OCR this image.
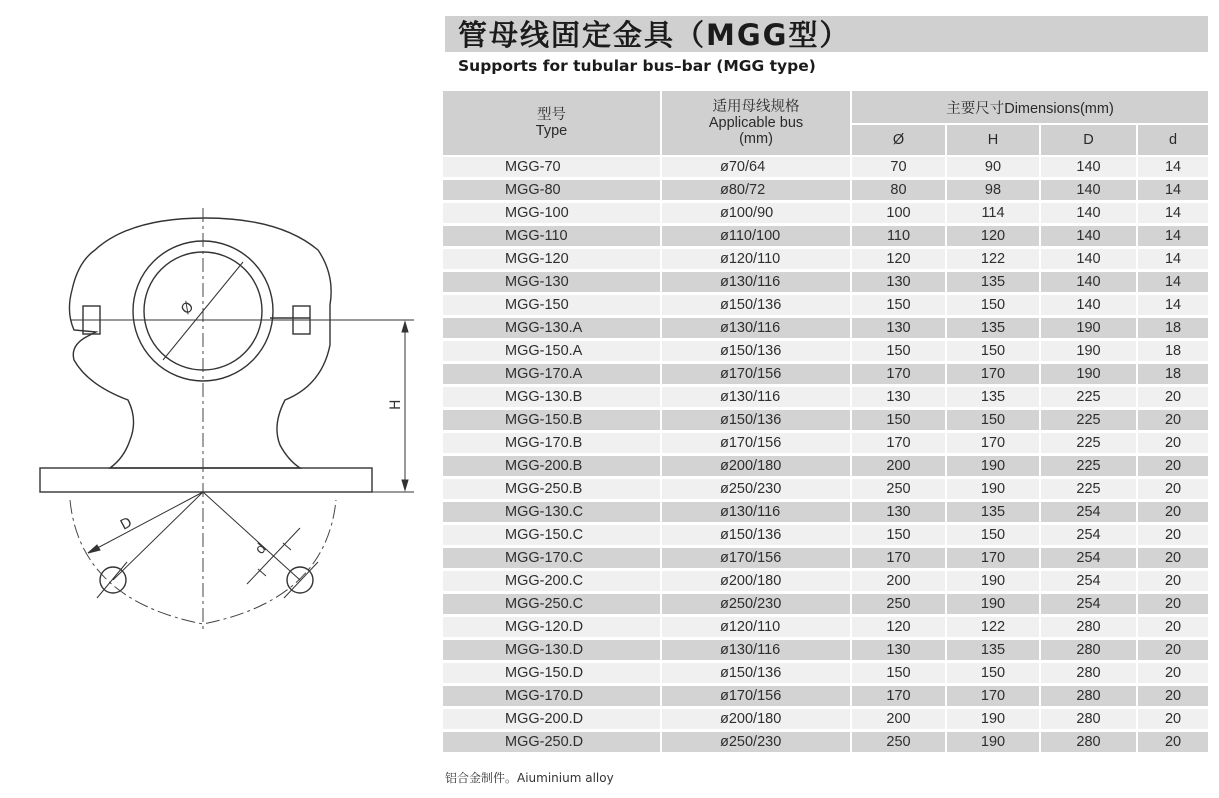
Ø
H
D
d
管母线固定金具（MGG型）
Supports for tubular bus–bar (MGG type)
型号
Type	适用母线规格
Applicable bus
(mm)	主要尺寸Dimensions(mm)			
		Ø	H	D	d
MGG-70	ø70/64	70	90	140	14
MGG-80	ø80/72	80	98	140	14
MGG-100	ø100/90	100	114	140	14
MGG-110	ø110/100	110	120	140	14
MGG-120	ø120/110	120	122	140	14
MGG-130	ø130/116	130	135	140	14
MGG-150	ø150/136	150	150	140	14
MGG-130.A	ø130/116	130	135	190	18
MGG-150.A	ø150/136	150	150	190	18
MGG-170.A	ø170/156	170	170	190	18
MGG-130.B	ø130/116	130	135	225	20
MGG-150.B	ø150/136	150	150	225	20
MGG-170.B	ø170/156	170	170	225	20
MGG-200.B	ø200/180	200	190	225	20
MGG-250.B	ø250/230	250	190	225	20
MGG-130.C	ø130/116	130	135	254	20
MGG-150.C	ø150/136	150	150	254	20
MGG-170.C	ø170/156	170	170	254	20
MGG-200.C	ø200/180	200	190	254	20
MGG-250.C	ø250/230	250	190	254	20
MGG-120.D	ø120/110	120	122	280	20
MGG-130.D	ø130/116	130	135	280	20
MGG-150.D	ø150/136	150	150	280	20
MGG-170.D	ø170/156	170	170	280	20
MGG-200.D	ø200/180	200	190	280	20
MGG-250.D	ø250/230	250	190	280	20
铝合金制件。Aiuminium alloy
